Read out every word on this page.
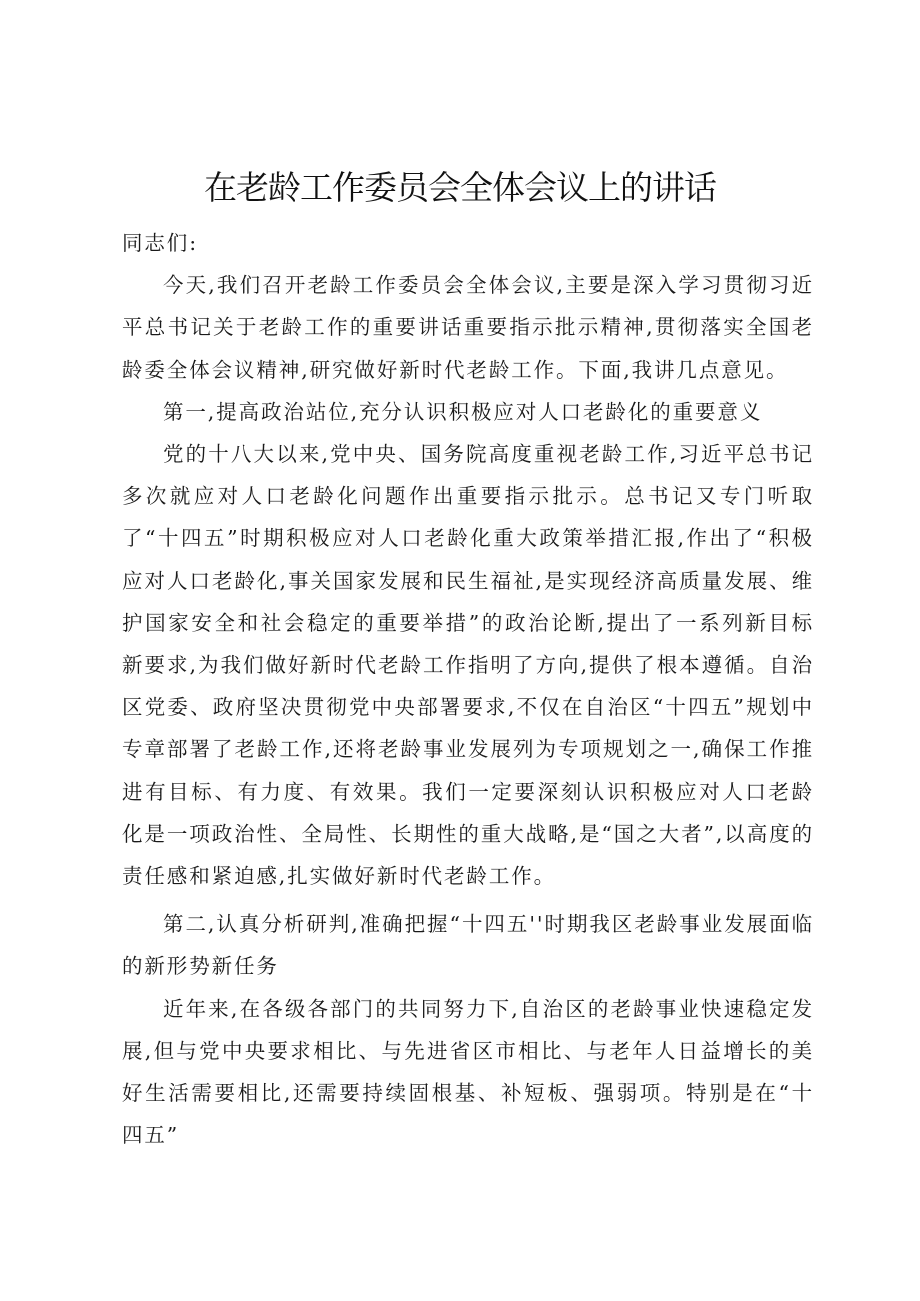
在老龄工作委员会全体会议上的讲话

同志们:

今天,我们召开老龄工作委员会全体会议,主要是深入学习贯彻习近平总书记关于老龄工作的重要讲话重要指示批示精神,贯彻落实全国老龄委全体会议精神,研究做好新时代老龄工作。下面,我讲几点意见。

第一,提高政治站位,充分认识积极应对人口老龄化的重要意义

党的十八大以来,党中央、国务院高度重视老龄工作,习近平总书记多次就应对人口老龄化问题作出重要指示批示。总书记又专门听取了“十四五”时期积极应对人口老龄化重大政策举措汇报,作出了“积极应对人口老龄化,事关国家发展和民生福祉,是实现经济高质量发展、维护国家安全和社会稳定的重要举措”的政治论断,提出了一系列新目标新要求,为我们做好新时代老龄工作指明了方向,提供了根本遵循。自治区党委、政府坚决贯彻党中央部署要求,不仅在自治区“十四五”规划中专章部署了老龄工作,还将老龄事业发展列为专项规划之一,确保工作推进有目标、有力度、有效果。我们一定要深刻认识积极应对人口老龄化是一项政治性、全局性、长期性的重大战略,是“国之大者”,以高度的责任感和紧迫感,扎实做好新时代老龄工作。

第二,认真分析研判,准确把握“十四五''时期我区老龄事业发展面临的新形势新任务

近年来,在各级各部门的共同努力下,自治区的老龄事业快速稳定发展,但与党中央要求相比、与先进省区市相比、与老年人日益增长的美好生活需要相比,还需要持续固根基、补短板、强弱项。特别是在“十四五”
